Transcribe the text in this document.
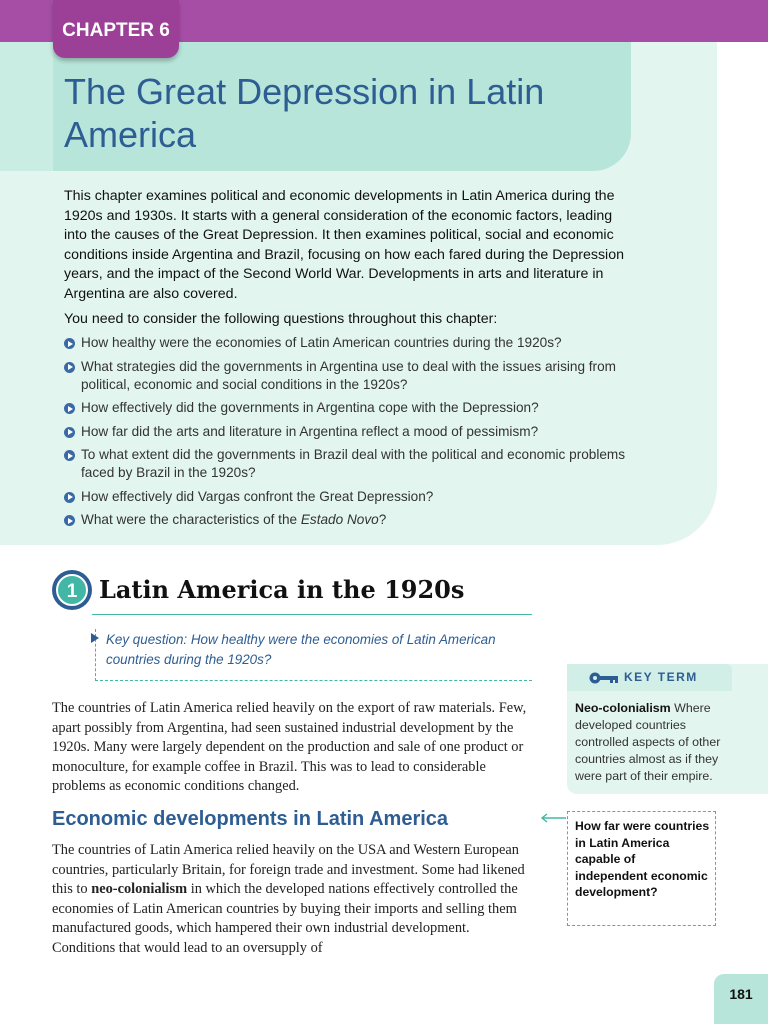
CHAPTER 6
The Great Depression in Latin America

This chapter examines political and economic developments in Latin America during the 1920s and 1930s. It starts with a general consideration of the economic factors, leading into the causes of the Great Depression. It then examines political, social and economic conditions inside Argentina and Brazil, focusing on how each fared during the Depression years, and the impact of the Second World War. Developments in arts and literature in Argentina are also covered.

You need to consider the following questions throughout this chapter:

How healthy were the economies of Latin American countries during the 1920s?
What strategies did the governments in Argentina use to deal with the issues arising from political, economic and social conditions in the 1920s?
How effectively did the governments in Argentina cope with the Depression?
How far did the arts and literature in Argentina reflect a mood of pessimism?
To what extent did the governments in Brazil deal with the political and economic problems faced by Brazil in the 1920s?
How effectively did Vargas confront the Great Depression?
What were the characteristics of the Estado Novo?
1 Latin America in the 1920s

Key question: How healthy were the economies of Latin American countries during the 1920s?

KEY TERM

Neo-colonialism Where developed countries controlled aspects of other countries almost as if they were part of their empire.

The countries of Latin America relied heavily on the export of raw materials. Few, apart possibly from Argentina, had seen sustained industrial development by the 1920s. Many were largely dependent on the production and sale of one product or monoculture, for example coffee in Brazil. This was to lead to considerable problems as economic conditions changed.

Economic developments in Latin America

The countries of Latin America relied heavily on the USA and Western European countries, particularly Britain, for foreign trade and investment. Some had likened this to neo-colonialism in which the developed nations effectively controlled the economies of Latin American countries by buying their imports and selling them manufactured goods, which hampered their own industrial development. Conditions that would lead to an oversupply of

How far were countries in Latin America capable of independent economic development?

181
